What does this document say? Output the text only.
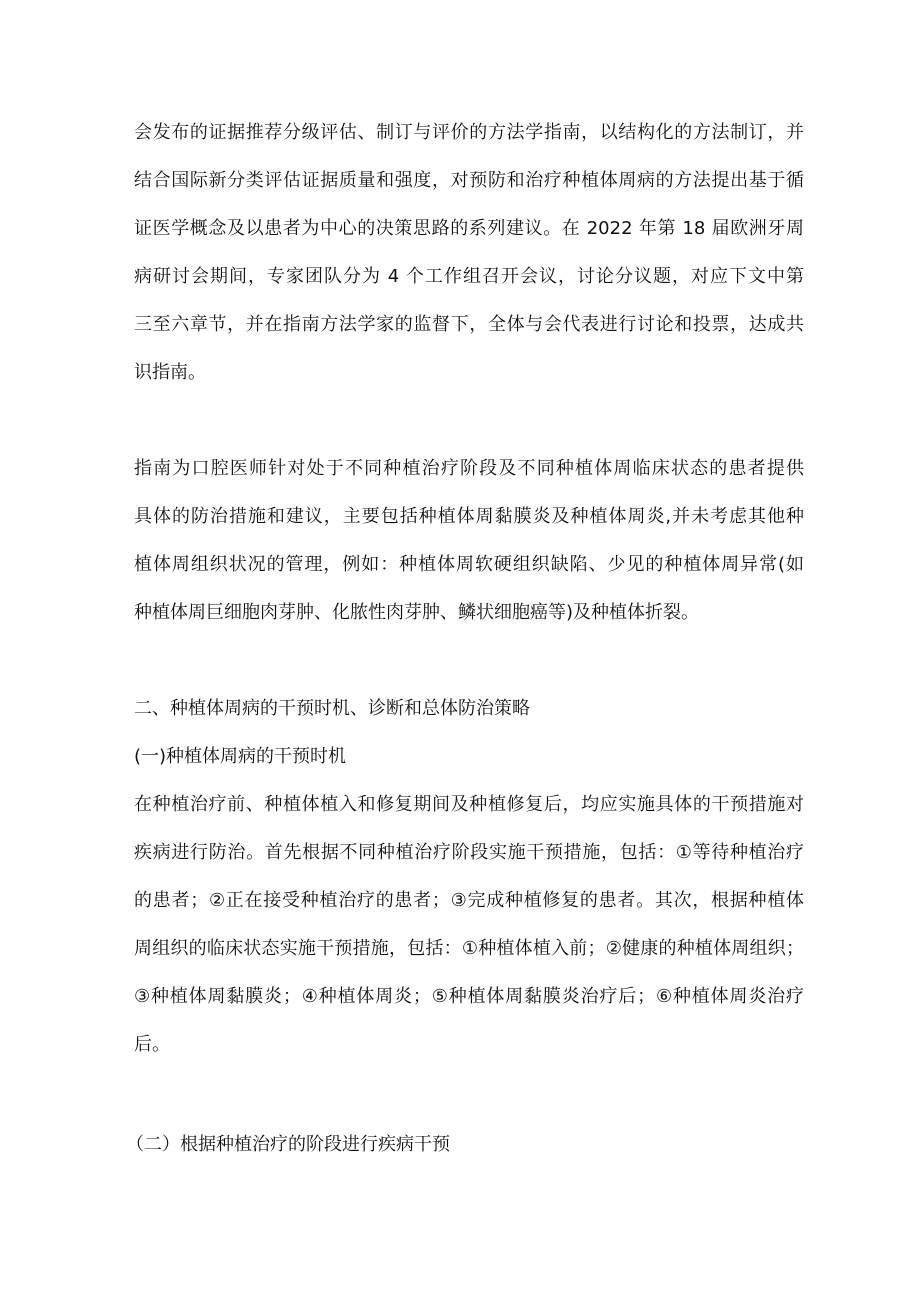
会发布的证据推荐分级评估、制订与评价的方法学指南，以结构化的方法制订，并
结合国际新分类评估证据质量和强度，对预防和治疗种植体周病的方法提出基于循
证医学概念及以患者为中心的决策思路的系列建议。在 2022 年第 18 届欧洲牙周
病研讨会期间，专家团队分为 4 个工作组召开会议，讨论分议题，对应下文中第
三至六章节，并在指南方法学家的监督下，全体与会代表进行讨论和投票，达成共
识指南。
指南为口腔医师针对处于不同种植治疗阶段及不同种植体周临床状态的患者提供
具体的防治措施和建议，主要包括种植体周黏膜炎及种植体周炎,并未考虑其他种
植体周组织状况的管理，例如：种植体周软硬组织缺陷、少见的种植体周异常(如
种植体周巨细胞肉芽肿、化脓性肉芽肿、鳞状细胞癌等)及种植体折裂。
二、种植体周病的干预时机、诊断和总体防治策略
(一)种植体周病的干预时机
在种植治疗前、种植体植入和修复期间及种植修复后，均应实施具体的干预措施对
疾病进行防治。首先根据不同种植治疗阶段实施干预措施，包括：①等待种植治疗
的患者；②正在接受种植治疗的患者；③完成种植修复的患者。其次，根据种植体
周组织的临床状态实施干预措施，包括：①种植体植入前；②健康的种植体周组织；
③种植体周黏膜炎；④种植体周炎；⑤种植体周黏膜炎治疗后；⑥种植体周炎治疗
后。
（二）根据种植治疗的阶段进行疾病干预
